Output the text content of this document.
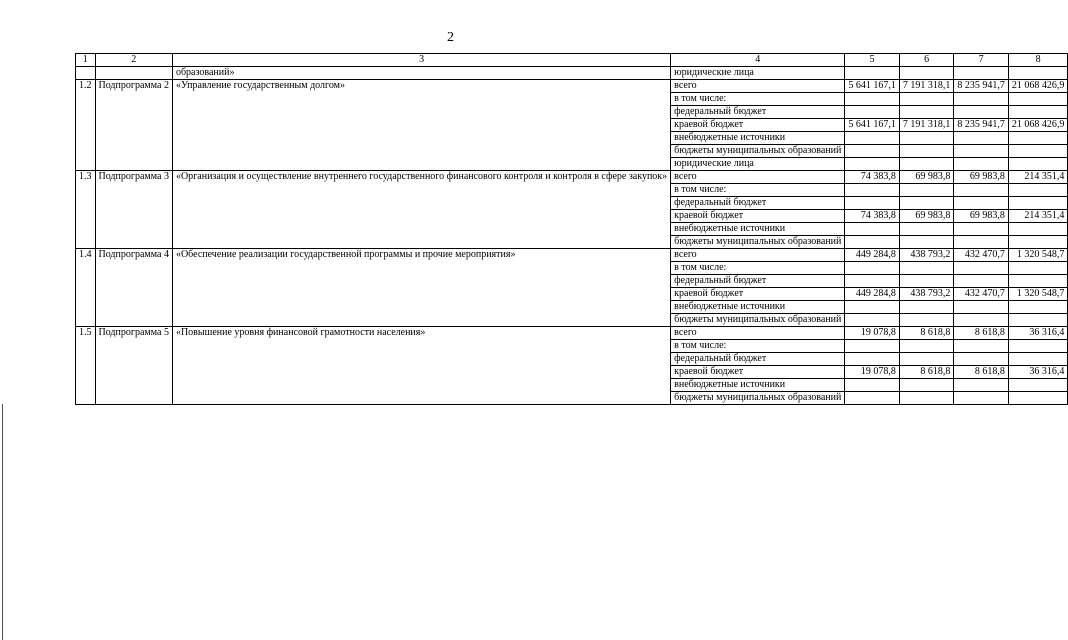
2
1	2	3	4	5	6	7	8
		образований»	юридические лица				
1.2	Подпрограмма 2	«Управление государственным долгом»	всего	5 641 167,1	7 191 318,1	8 235 941,7	21 068 426,9
			в том числе:				
			федеральный бюджет				
			краевой бюджет	5 641 167,1	7 191 318,1	8 235 941,7	21 068 426,9
			внебюджетные источники				
			бюджеты муниципальных образований				
			юридические лица				
1.3	Подпрограмма 3	«Организация и осуществление внутреннего государственного финансового контроля и контроля в сфере закупок»	всего	74 383,8	69 983,8	69 983,8	214 351,4
			в том числе:				
			федеральный бюджет				
			краевой бюджет	74 383,8	69 983,8	69 983,8	214 351,4
			внебюджетные источники				
			бюджеты муниципальных образований				
1.4	Подпрограмма 4	«Обеспечение реализации государственной программы и прочие мероприятия»	всего	449 284,8	438 793,2	432 470,7	1 320 548,7
			в том числе:				
			федеральный бюджет				
			краевой бюджет	449 284,8	438 793,2	432 470,7	1 320 548,7
			внебюджетные источники				
			бюджеты муниципальных образований				
1.5	Подпрограмма 5	«Повышение уровня финансовой грамотности населения»	всего	19 078,8	8 618,8	8 618,8	36 316,4
			в том числе:				
			федеральный бюджет				
			краевой бюджет	19 078,8	8 618,8	8 618,8	36 316,4
			внебюджетные источники				
			бюджеты муниципальных образований				
